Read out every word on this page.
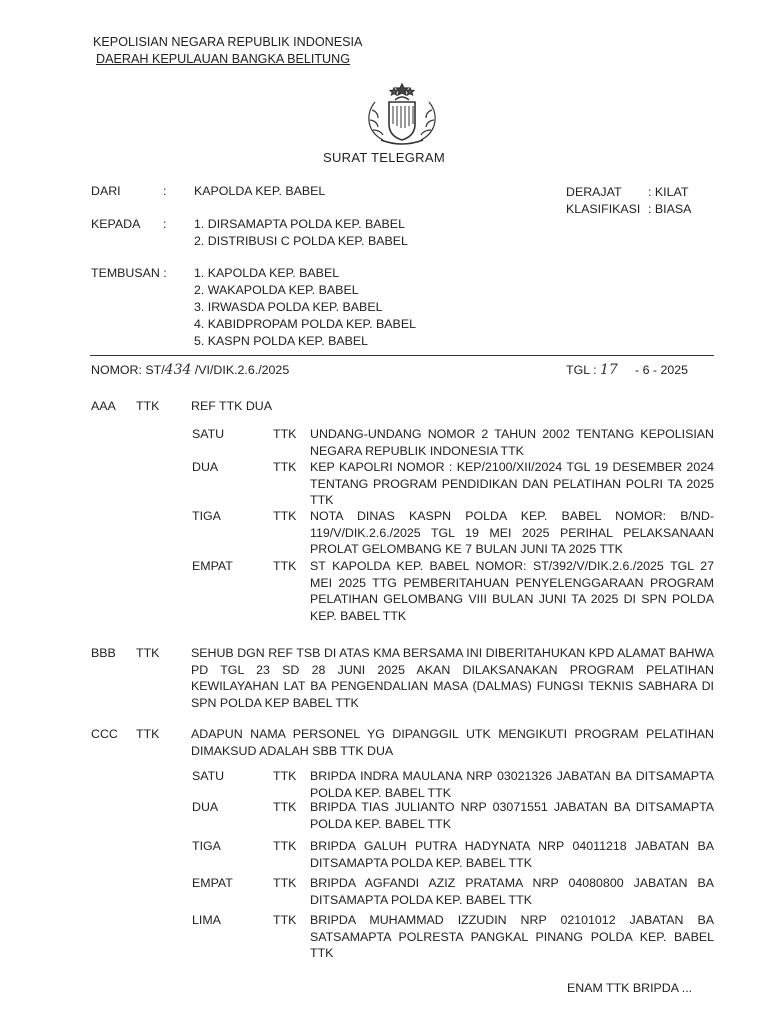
KEPOLISIAN NEGARA REPUBLIK INDONESIA
DAERAH KEPULAUAN BANGKA BELITUNG
SURAT TELEGRAM
DARI	: KAPOLDA KEP. BABEL	DERAJAT : KILAT
KLASIFIKASI : BIASA
KEPADA : 1. DIRSAMAPTA POLDA KEP. BABEL
2. DISTRIBUSI C POLDA KEP. BABEL
TEMBUSAN : 1. KAPOLDA KEP. BABEL
2. WAKAPOLDA KEP. BABEL
3. IRWASDA POLDA KEP. BABEL
4. KABIDPROPAM POLDA KEP. BABEL
5. KASPN POLDA KEP. BABEL
NOMOR: ST/434 /VI/DIK.2.6./2025	TGL : 17 - 6 - 2025
AAA TTK	REF TTK DUA
SATU	TTK UNDANG-UNDANG NOMOR 2 TAHUN 2002 TENTANG KEPOLISIAN NEGARA REPUBLIK INDONESIA TTK
DUA	TTK KEP KAPOLRI NOMOR : KEP/2100/XII/2024 TGL 19 DESEMBER 2024 TENTANG PROGRAM PENDIDIKAN DAN PELATIHAN POLRI TA 2025 TTK
TIGA	TTK NOTA DINAS KASPN POLDA KEP. BABEL NOMOR: B/ND-119/V/DIK.2.6./2025 TGL 19 MEI 2025 PERIHAL PELAKSANAAN PROLAT GELOMBANG KE 7 BULAN JUNI TA 2025 TTK
EMPAT	TTK ST KAPOLDA KEP. BABEL NOMOR: ST/392/V/DIK.2.6./2025 TGL 27 MEI 2025 TTG PEMBERITAHUAN PENYELENGGARAAN PROGRAM PELATIHAN GELOMBANG VIII BULAN JUNI TA 2025 DI SPN POLDA KEP. BABEL TTK
BBB TTK	SEHUB DGN REF TSB DI ATAS KMA BERSAMA INI DIBERITAHUKAN KPD ALAMAT BAHWA PD TGL 23 SD 28 JUNI 2025 AKAN DILAKSANAKAN PROGRAM PELATIHAN KEWILAYAHAN LAT BA PENGENDALIAN MASA (DALMAS) FUNGSI TEKNIS SABHARA DI SPN POLDA KEP BABEL TTK
CCC TTK	ADAPUN NAMA PERSONEL YG DIPANGGIL UTK MENGIKUTI PROGRAM PELATIHAN DIMAKSUD ADALAH SBB TTK DUA
SATU	TTK BRIPDA INDRA MAULANA NRP 03021326 JABATAN BA DITSAMAPTA POLDA KEP. BABEL TTK
DUA	TTK BRIPDA TIAS JULIANTO NRP 03071551 JABATAN BA DITSAMAPTA POLDA KEP. BABEL TTK
TIGA	TTK BRIPDA GALUH PUTRA HADYNATA NRP 04011218 JABATAN BA DITSAMAPTA POLDA KEP. BABEL TTK
EMPAT	TTK BRIPDA AGFANDI AZIZ PRATAMA NRP 04080800 JABATAN BA DITSAMAPTA POLDA KEP. BABEL TTK
LIMA	TTK BRIPDA MUHAMMAD IZZUDIN NRP 02101012 JABATAN BA SATSAMAPTA POLRESTA PANGKAL PINANG POLDA KEP. BABEL TTK
ENAM TTK BRIPDA ...
